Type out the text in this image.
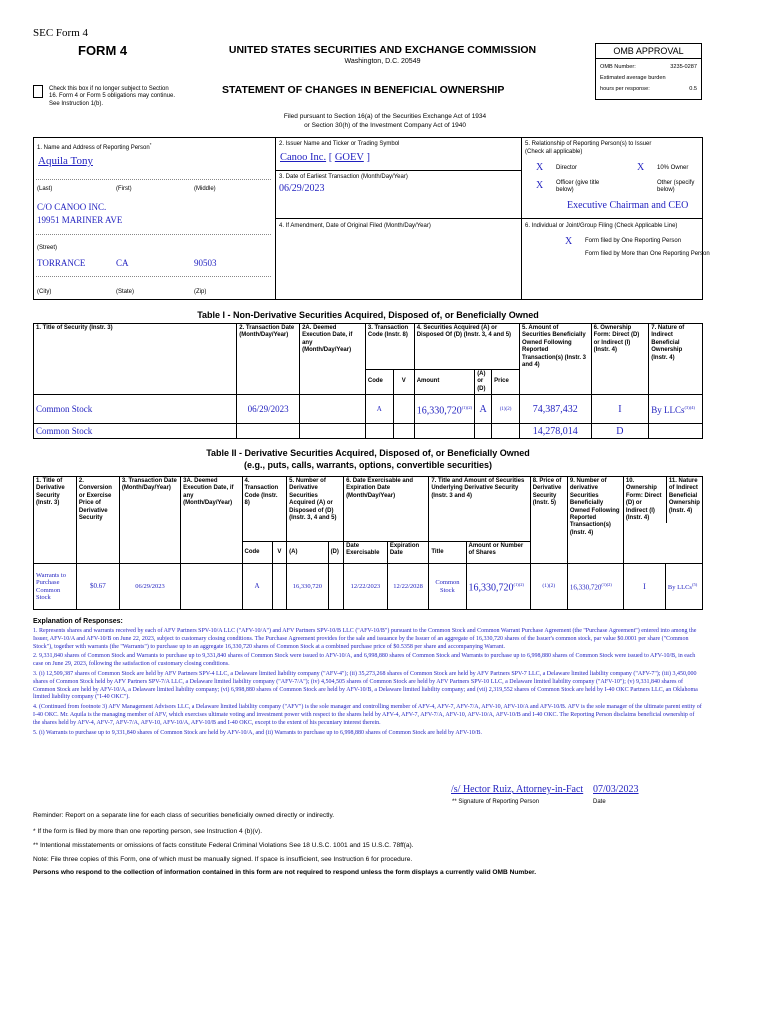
SEC Form 4
FORM 4	UNITED STATES SECURITIES AND EXCHANGE COMMISSION
Washington, D.C. 20549
Check this box if no longer subject to Section 16. Form 4 or Form 5 obligations may continue. See Instruction 1(b).
STATEMENT OF CHANGES IN BENEFICIAL OWNERSHIP
Filed pursuant to Section 16(a) of the Securities Exchange Act of 1934
or Section 30(h) of the Investment Company Act of 1940
OMB APPROVAL
OMB Number:	3235-0287
Estimated average burden
hours per response:	0.5
1. Name and Address of Reporting Person*
Aquila Tony
(Last)	(First)	(Middle)
C/O CANOO INC.
19951 MARINER AVE
(Street)
TORRANCE	CA	90503
(City)	(State)	(Zip)
2. Issuer Name and Ticker or Trading Symbol
Canoo Inc. [ GOEV ]
3. Date of Earliest Transaction (Month/Day/Year)
06/29/2023
4. If Amendment, Date of Original Filed (Month/Day/Year)
5. Relationship of Reporting Person(s) to Issuer
(Check all applicable)
X Director	X 10% Owner
X Officer (give title below)
Other (specify below)
Executive Chairman and CEO
6. Individual or Joint/Group Filing (Check Applicable Line)
X Form filed by One Reporting Person
Form filed by More than One Reporting Person
Table I - Non-Derivative Securities Acquired, Disposed of, or Beneficially Owned
1. Title of Security (Instr. 3)	2. Transaction Date (Month/Day/Year)	2A. Deemed Execution Date, if any (Month/Day/Year)	3. Transaction Code (Instr. 8)		4. Securities Acquired (A) or Disposed Of (D) (Instr. 3, 4 and 5)			5. Amount of Securities Beneficially Owned Following Reported Transaction(s) (Instr. 3 and 4)	6. Ownership Form: Direct (D) or Indirect (I) (Instr. 4)	7. Nature of Indirect Beneficial Ownership (Instr. 4)
			Code	V	Amount	(A) or (D)	Price			
Common Stock	06/29/2023		A		$16,330,720^{(1)(2)}$	A	(1)(2)	74,387,432	I	By LLCs$^{(3)(4)}$
Common Stock								14,278,014	D	
Table II - Derivative Securities Acquired, Disposed of, or Beneficially Owned
(e.g., puts, calls, warrants, options, convertible securities)
1. Title of Derivative Security (Instr. 3)	2. Conversion or Exercise Price of Derivative Security	3. Transaction Date (Month/Day/Year)	3A. Deemed Execution Date, if any (Month/Day/Year)	4. Transaction Code (Instr. 8)		5. Number of Derivative Securities Acquired (A) or Disposed of (D) (Instr. 3, 4 and 5)		6. Date Exercisable and Expiration Date (Month/Day/Year)		7. Title and Amount of Securities Underlying Derivative Security (Instr. 3 and 4)		8. Price of Derivative Security (Instr. 5)	9. Number of derivative Securities Beneficially Owned Following Reported Transaction(s) (Instr. 4)	10. Ownership Form: Direct (D) or Indirect (I) (Instr. 4)
11. Nature of Indirect Beneficial Ownership (Instr. 4)	

				Code	V	(A)	(D)	Date Exercisable	Expiration Date	Title	Amount or Number of Shares				
Warrants to Purchase Common Stock	$0.67	06/29/2023		A		16,330,720		12/22/2023	12/22/2028	Common Stock	$16,330,720^{(1)(2)}$	(1)(2)	$16,330,720^{(1)(2)}$	I	By LLCs$^{(5)}$
Explanation of Responses:

1. Represents shares and warrants received by each of AFV Partners SPV-10/A LLC ("AFV-10/A") and AFV Partners SPV-10/B LLC ("AFV-10/B") pursuant to the Common Stock and Common Warrant Purchase Agreement (the "Purchase Agreement") entered into among the Issuer, AFV-10/A and AFV-10/B on June 22, 2023, subject to customary closing conditions. The Purchase Agreement provides for the sale and issuance by the Issuer of an aggregate of 16,330,720 shares of the Issuer's common stock, par value $0.0001 per share ("Common Stock"), together with warrants (the "Warrants") to purchase up to an aggregate 16,330,720 shares of Common Stock at a combined purchase price of $0.5358 per share and accompanying Warrant.

2. 9,331,840 shares of Common Stock and Warrants to purchase up to 9,331,840 shares of Common Stock were issued to AFV-10/A, and 6,998,880 shares of Common Stock and Warrants to purchase up to 6,998,880 shares of Common Stock were issued to AFV-10/B, in each case on June 29, 2023, following the satisfaction of customary closing conditions.

3. (i) 12,509,387 shares of Common Stock are held by AFV Partners SPV-4 LLC, a Delaware limited liability company ("AFV-4"); (ii) 35,273,268 shares of Common Stock are held by AFV Partners SPV-7 LLC, a Delaware limited liability company ("AFV-7"); (iii) 3,450,000 shares of Common Stock held by AFV Partners SPV-7/A LLC, a Delaware limited liability company ("AFV-7/A"); (iv) 4,504,505 shares of Common Stock are held by AFV Partners SPV-10 LLC, a Delaware limited liability company ("AFV-10"); (v) 9,331,840 shares of Common Stock are held by AFV-10/A, a Delaware limited liability company; (vi) 6,998,880 shares of Common Stock are held by AFV-10/B, a Delaware limited liability company; and (vii) 2,319,552 shares of Common Stock are held by I-40 OKC Partners LLC, an Oklahoma limited liability company ("I-40 OKC").

4. (Continued from footnote 3) AFV Management Advisors LLC, a Delaware limited liability company ("AFV") is the sole manager and controlling member of AFV-4, AFV-7, AFV-7/A, AFV-10, AFV-10/A and AFV-10/B. AFV is the sole manager of the ultimate parent entity of I-40 OKC. Mr. Aquila is the managing member of AFV, which exercises ultimate voting and investment power with respect to the shares held by AFV-4, AFV-7, AFV-7/A, AFV-10, AFV-10/A, AFV-10/B and I-40 OKC. The Reporting Person disclaims beneficial ownership of the shares held by AFV-4, AFV-7, AFV-7/A, AFV-10, AFV-10/A, AFV-10/B and I-40 OKC, except to the extent of his pecuniary interest therein.

5. (i) Warrants to purchase up to 9,331,840 shares of Common Stock are held by AFV-10/A, and (ii) Warrants to purchase up to 6,998,880 shares of Common Stock are held by AFV-10/B.

/s/ Hector Ruiz, Attorney-in-Fact 07/03/2023
** Signature of Reporting Person	Date
Reminder: Report on a separate line for each class of securities beneficially owned directly or indirectly.
* If the form is filed by more than one reporting person, see Instruction 4 (b)(v).
** Intentional misstatements or omissions of facts constitute Federal Criminal Violations See 18 U.S.C. 1001 and 15 U.S.C. 78ff(a).
Note: File three copies of this Form, one of which must be manually signed. If space is insufficient, see Instruction 6 for procedure.
Persons who respond to the collection of information contained in this form are not required to respond unless the form displays a currently valid OMB Number.
